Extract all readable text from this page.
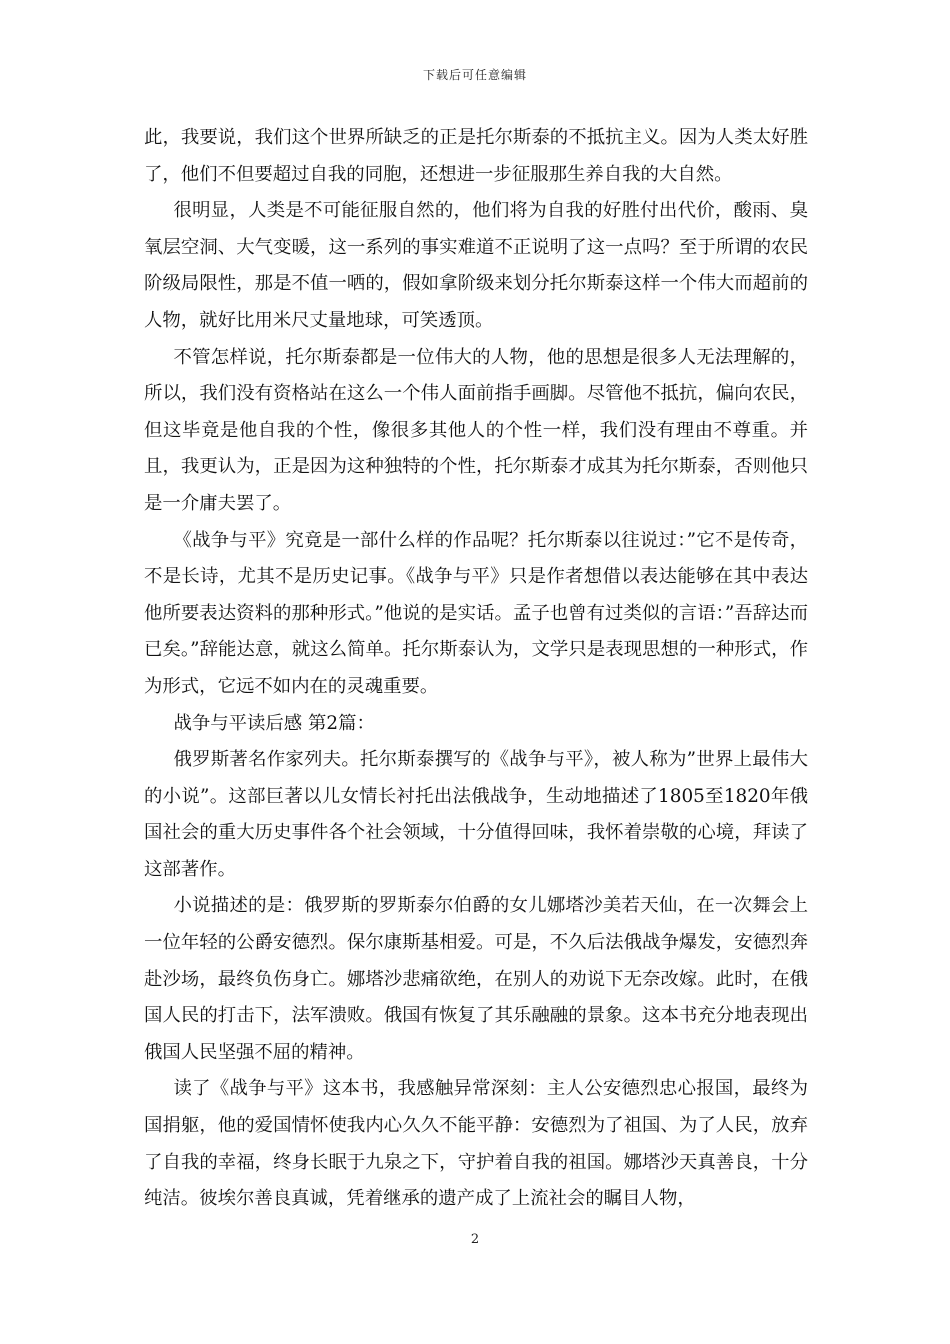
下载后可任意编辑

此，我要说，我们这个世界所缺乏的正是托尔斯泰的不抵抗主义。因为人类太好胜了，他们不但要超过自我的同胞，还想进一步征服那生养自我的大自然。

很明显，人类是不可能征服自然的，他们将为自我的好胜付出代价，酸雨、臭氧层空洞、大气变暖，这一系列的事实难道不正说明了这一点吗？至于所谓的农民阶级局限性，那是不值一哂的，假如拿阶级来划分托尔斯泰这样一个伟大而超前的人物，就好比用米尺丈量地球，可笑透顶。

不管怎样说，托尔斯泰都是一位伟大的人物，他的思想是很多人无法理解的，所以，我们没有资格站在这么一个伟人面前指手画脚。尽管他不抵抗，偏向农民，但这毕竟是他自我的个性，像很多其他人的个性一样，我们没有理由不尊重。并且，我更认为，正是因为这种独特的个性，托尔斯泰才成其为托尔斯泰，否则他只是一介庸夫罢了。

《战争与平》究竟是一部什么样的作品呢？托尔斯泰以往说过：”它不是传奇，不是长诗，尤其不是历史记事。《战争与平》只是作者想借以表达能够在其中表达他所要表达资料的那种形式。”他说的是实话。孟子也曾有过类似的言语：”吾辞达而已矣。”辞能达意，就这么简单。托尔斯泰认为，文学只是表现思想的一种形式，作为形式，它远不如内在的灵魂重要。

战争与平读后感 第2篇：

俄罗斯著名作家列夫。托尔斯泰撰写的《战争与平》，被人称为”世界上最伟大的小说”。这部巨著以儿女情长衬托出法俄战争，生动地描述了1805至1820年俄国社会的重大历史事件各个社会领域，十分值得回味，我怀着崇敬的心境，拜读了这部著作。

小说描述的是：俄罗斯的罗斯泰尔伯爵的女儿娜塔沙美若天仙，在一次舞会上一位年轻的公爵安德烈。保尔康斯基相爱。可是，不久后法俄战争爆发，安德烈奔赴沙场，最终负伤身亡。娜塔沙悲痛欲绝，在别人的劝说下无奈改嫁。此时，在俄国人民的打击下，法军溃败。俄国有恢复了其乐融融的景象。这本书充分地表现出俄国人民坚强不屈的精神。

读了《战争与平》这本书，我感触异常深刻：主人公安德烈忠心报国，最终为国捐躯，他的爱国情怀使我内心久久不能平静：安德烈为了祖国、为了人民，放弃了自我的幸福，终身长眠于九泉之下，守护着自我的祖国。娜塔沙天真善良，十分纯洁。彼埃尔善良真诚，凭着继承的遗产成了上流社会的瞩目人物，

2
